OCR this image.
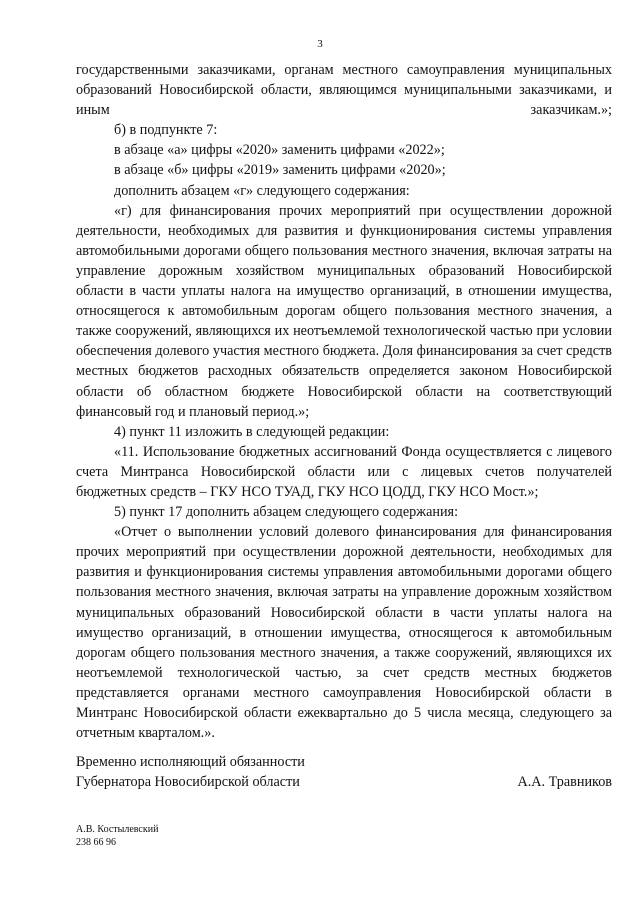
3

государственными заказчиками, органам местного самоуправления муниципальных образований Новосибирской области, являющимся муниципальными заказчиками, и иным заказчикам.»;

б) в подпункте 7:

в абзаце «а» цифры «2020» заменить цифрами «2022»;

в абзаце «б» цифры «2019» заменить цифрами «2020»;

дополнить абзацем «г» следующего содержания:

«г) для финансирования прочих мероприятий при осуществлении дорожной деятельности, необходимых для развития и функционирования системы управления автомобильными дорогами общего пользования местного значения, включая затраты на управление дорожным хозяйством муниципальных образований Новосибирской области в части уплаты налога на имущество организаций, в отношении имущества, относящегося к автомобильным дорогам общего пользования местного значения, а также сооружений, являющихся их неотъемлемой технологической частью при условии обеспечения долевого участия местного бюджета. Доля финансирования за счет средств местных бюджетов расходных обязательств определяется законом Новосибирской области об областном бюджете Новосибирской области на соответствующий финансовый год и плановый период.»;

4) пункт 11 изложить в следующей редакции:

«11. Использование бюджетных ассигнований Фонда осуществляется с лицевого счета Минтранса Новосибирской области или с лицевых счетов получателей бюджетных средств – ГКУ НСО ТУАД, ГКУ НСО ЦОДД, ГКУ НСО Мост.»;

5) пункт 17 дополнить абзацем следующего содержания:

«Отчет о выполнении условий долевого финансирования для финансирования прочих мероприятий при осуществлении дорожной деятельности, необходимых для развития и функционирования системы управления автомобильными дорогами общего пользования местного значения, включая затраты на управление дорожным хозяйством муниципальных образований Новосибирской области в части уплаты налога на имущество организаций, в отношении имущества, относящегося к автомобильным дорогам общего пользования местного значения, а также сооружений, являющихся их неотъемлемой технологической частью, за счет средств местных бюджетов представляется органами местного самоуправления Новосибирской области в Минтранс Новосибирской области ежеквартально до 5 числа месяца, следующего за отчетным кварталом.».

Временно исполняющий обязанности
Губернатора Новосибирской области	А.А. Травников
А.В. Костылевский
238 66 96
